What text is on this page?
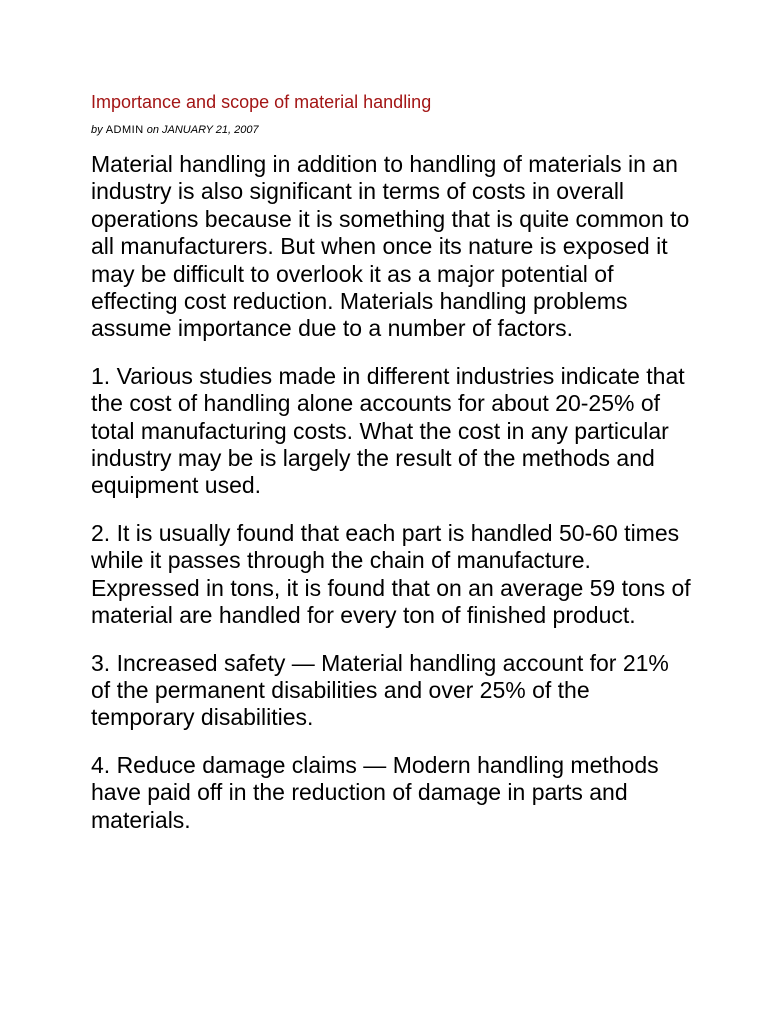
Importance and scope of material handling
by ADMIN on JANUARY 21, 2007

Material handling in addition to handling of materials in an industry is also significant in terms of costs in overall operations because it is something that is quite common to all manufacturers. But when once its nature is exposed it may be difficult to overlook it as a major potential of effecting cost reduction. Materials handling problems assume importance due to a number of factors.

1. Various studies made in different industries indicate that the cost of handling alone accounts for about 20-25% of total manufacturing costs. What the cost in any particular industry may be is largely the result of the methods and equipment used.

2. It is usually found that each part is handled 50-60 times while it passes through the chain of manufacture. Expressed in tons, it is found that on an average 59 tons of material are handled for every ton of finished product.

3. Increased safety — Material handling account for 21% of the permanent disabilities and over 25% of the temporary disabilities.

4. Reduce damage claims — Modern handling methods have paid off in the reduction of damage in parts and materials.
